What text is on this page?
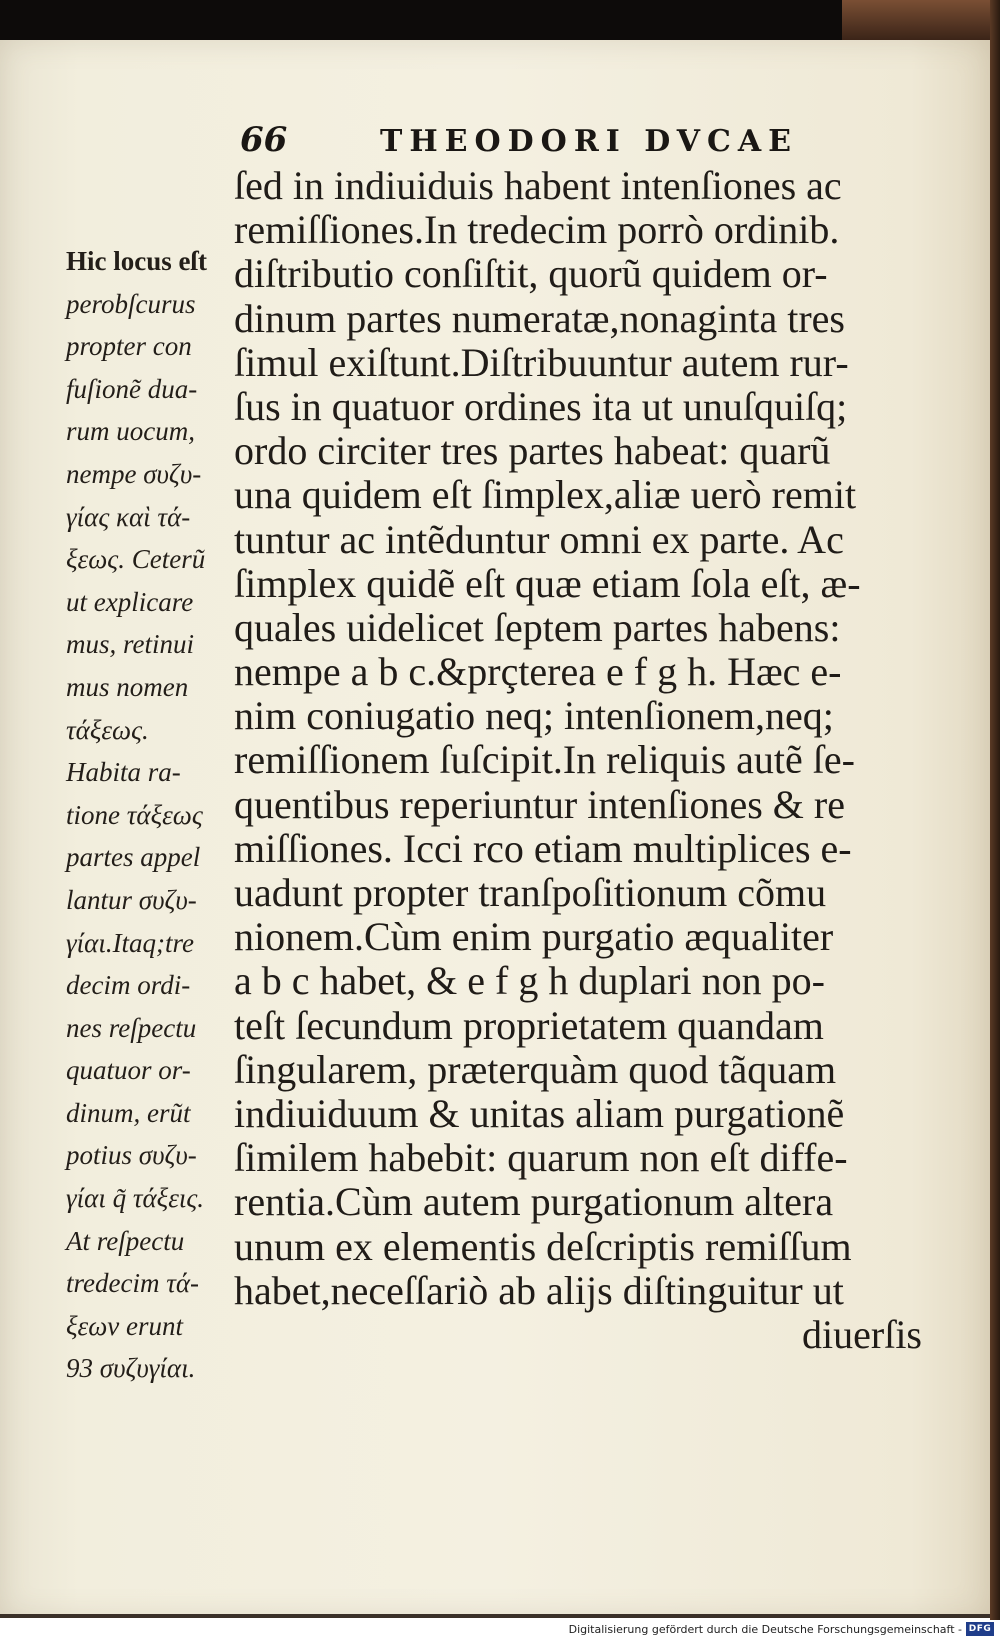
66	THEODORI DVCAE
Hic locus eſt
perobſcurus
propter con
fuſionẽ dua-
rum uocum,
nempe συζυ-
γίας καὶ τά-
ξεως. Ceterũ
ut explicare
mus, retinui
mus nomen
τάξεως.
Habita ra-
tione τάξεως
partes appel
lantur συζυ-
γίαι.Itaq;tre
decim ordi-
nes reſpectu
quatuor or-
dinum, erũt
potius συζυ-
γίαι q̃ τάξεις.
At reſpectu
tredecim τά-
ξεων erunt
93 συζυγίαι.
ſed in indiuiduis habent intenſiones ac
remiſſiones.In tredecim porrò ordinib.
diſtributio conſiſtit, quorũ quidem or-
dinum partes numeratæ,nonaginta tres
ſimul exiſtunt.Diſtribuuntur autem rur-
ſus in quatuor ordines ita ut unuſquiſq;
ordo circiter tres partes habeat: quarũ
una quidem eſt ſimplex,aliæ uerò remit
tuntur ac intẽduntur omni ex parte. Ac
ſimplex quidẽ eſt quæ etiam ſola eſt, æ-
quales uidelicet ſeptem partes habens:
nempe a b c.&prçterea e f g h. Hæc e-
nim coniugatio neq; intenſionem,neq;
remiſſionem ſuſcipit.In reliquis autẽ ſe-
quentibus reperiuntur intenſiones & re
miſſiones. Icci rco etiam multiplices e-
uadunt propter tranſpoſitionum cõmu
nionem.Cùm enim purgatio æqualiter
a b c habet, & e f g h duplari non po-
teſt ſecundum proprietatem quandam
ſingularem, præterquàm quod tãquam
indiuiduum & unitas aliam purgationẽ
ſimilem habebit: quarum non eſt diffe-
rentia.Cùm autem purgationum altera
unum ex elementis deſcriptis remiſſum
habet,neceſſariò ab alijs diſtinguitur ut
diuerſis
Digitalisierung gefördert durch die Deutsche Forschungsgemeinschaft - DFG
